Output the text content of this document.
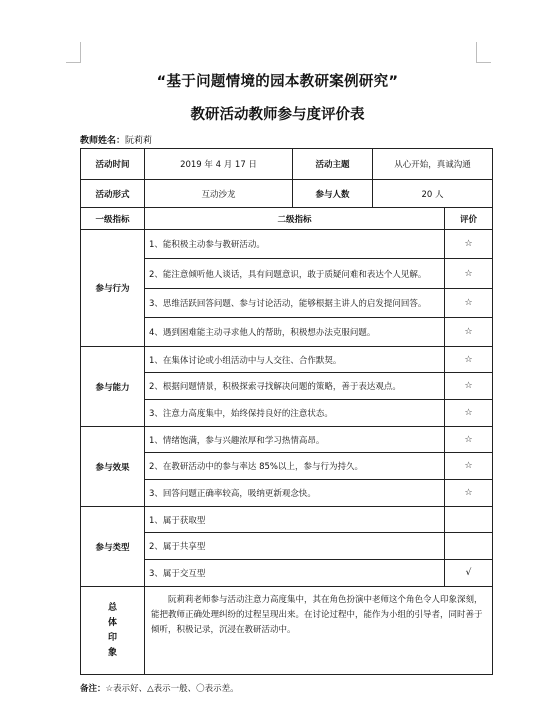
“基于问题情境的园本教研案例研究”
教研活动教师参与度评价表
教师姓名：阮莉莉
活动时间	2019 年 4 月 17 日	活动主题	从心开始，真诚沟通	
活动形式	互动沙龙	参与人数	20 人	
一级指标	二级指标			评价
参与行为	1、能积极主动参与教研活动。			☆
	2、能注意倾听他人谈话，具有问题意识，敢于质疑问难和表达个人见解。			☆
	3、思维活跃回答问题、参与讨论活动，能够根据主讲人的启发提问回答。			☆
	4、遇到困难能主动寻求他人的帮助，积极想办法克服问题。			☆
参与能力	1、在集体讨论或小组活动中与人交往、合作默契。			☆
	2、根据问题情景，积极探索寻找解决问题的策略，善于表达观点。			☆
	3、注意力高度集中，始终保持良好的注意状态。			☆
参与效果	1、情绪饱满，参与兴趣浓厚和学习热情高昂。			☆
	2、在教研活动中的参与率达 85%以上，参与行为持久。			☆
	3、回答问题正确率较高，吸纳更新观念快。			☆
参与类型	1、属于获取型			
	2、属于共享型			
	3、属于交互型			√

总
体
印
象	阮莉莉老师参与活动注意力高度集中，其在角色扮演中老师这个角色令人印象深刻，能把教师正确处理纠纷的过程呈现出来。在讨论过程中，能作为小组的引导者，同时善于倾听，积极记录，沉浸在教研活动中。			
备注：☆表示好、△表示一般、〇表示差。
